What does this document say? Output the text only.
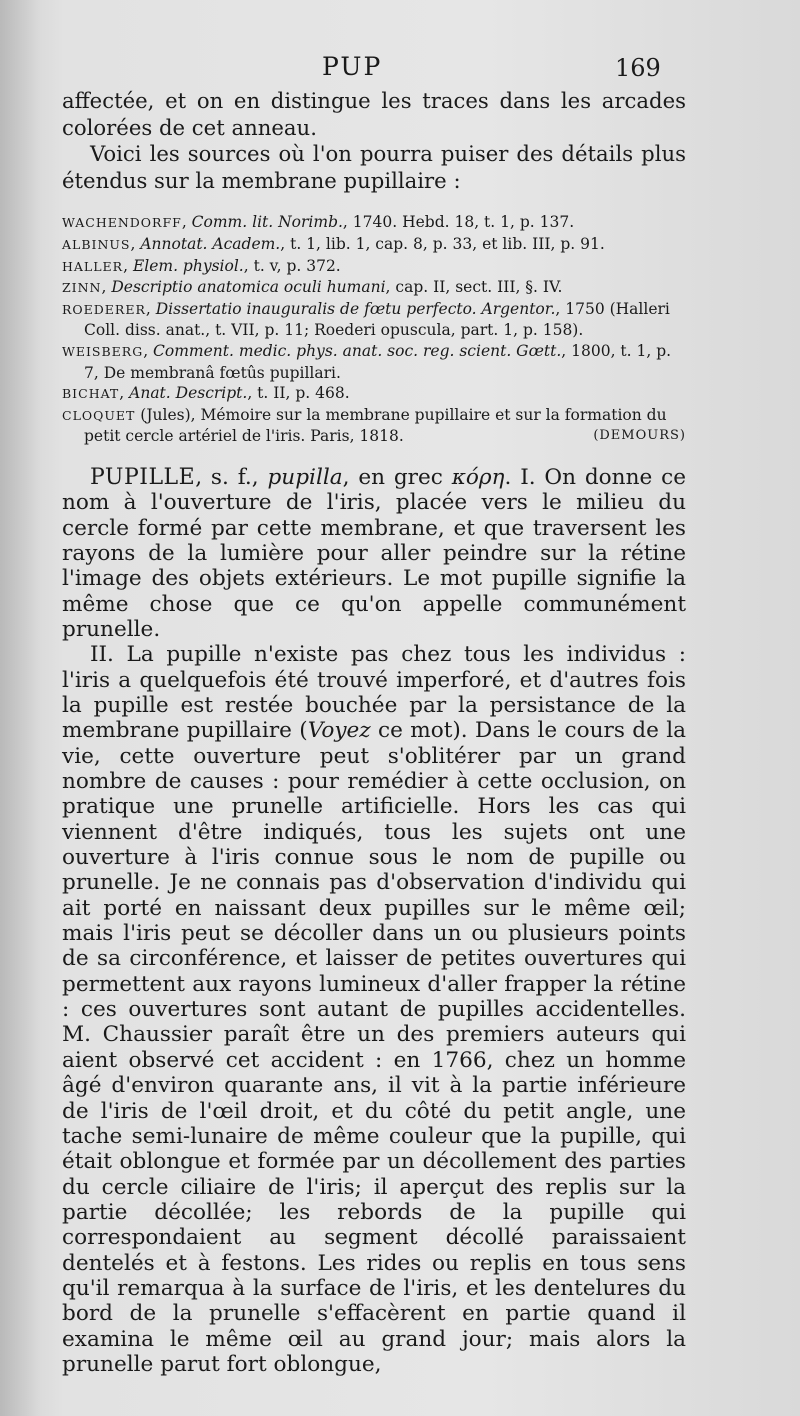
PUP	169

affectée, et on en distingue les traces dans les arcades colorées de cet anneau.

Voici les sources où l'on pourra puiser des détails plus étendus sur la membrane pupillaire :

WACHENDORFF, Comm. lit. Norimb., 1740. Hebd. 18, t. 1, p. 137.

ALBINUS, Annotat. Academ., t. 1, lib. 1, cap. 8, p. 33, et lib. III, p. 91.

HALLER, Elem. physiol., t. v, p. 372.

ZINN, Descriptio anatomica oculi humani, cap. II, sect. III, §. IV.

ROEDERER, Dissertatio inauguralis de fœtu perfecto. Argentor., 1750 (Halleri Coll. diss. anat., t. VII, p. 11; Roederi opuscula, part. 1, p. 158).

WEISBERG, Comment. medic. phys. anat. soc. reg. scient. Gœtt., 1800, t. 1, p. 7, De membranâ fœtûs pupillari.

BICHAT, Anat. Descript., t. II, p. 468.

CLOQUET (Jules), Mémoire sur la membrane pupillaire et sur la formation du petit cercle artériel de l'iris. Paris, 1818.	(DEMOURS)

PUPILLE, s. f., pupilla, en grec κόρη. I. On donne ce nom à l'ouverture de l'iris, placée vers le milieu du cercle formé par cette membrane, et que traversent les rayons de la lumière pour aller peindre sur la rétine l'image des objets extérieurs. Le mot pupille signifie la même chose que ce qu'on appelle communément prunelle.

II. La pupille n'existe pas chez tous les individus : l'iris a quelquefois été trouvé imperforé, et d'autres fois la pupille est restée bouchée par la persistance de la membrane pupillaire (Voyez ce mot). Dans le cours de la vie, cette ouverture peut s'oblitérer par un grand nombre de causes : pour remédier à cette occlusion, on pratique une prunelle artificielle. Hors les cas qui viennent d'être indiqués, tous les sujets ont une ouverture à l'iris connue sous le nom de pupille ou prunelle. Je ne connais pas d'observation d'individu qui ait porté en naissant deux pupilles sur le même œil; mais l'iris peut se décoller dans un ou plusieurs points de sa circonférence, et laisser de petites ouvertures qui permettent aux rayons lumineux d'aller frapper la rétine : ces ouvertures sont autant de pupilles accidentelles. M. Chaussier paraît être un des premiers auteurs qui aient observé cet accident : en 1766, chez un homme âgé d'environ quarante ans, il vit à la partie inférieure de l'iris de l'œil droit, et du côté du petit angle, une tache semi-lunaire de même couleur que la pupille, qui était oblongue et formée par un décollement des parties du cercle ciliaire de l'iris; il aperçut des replis sur la partie décollée; les rebords de la pupille qui correspondaient au segment décollé paraissaient dentelés et à festons. Les rides ou replis en tous sens qu'il remarqua à la surface de l'iris, et les dentelures du bord de la prunelle s'effacèrent en partie quand il examina le même œil au grand jour; mais alors la prunelle parut fort oblongue,
